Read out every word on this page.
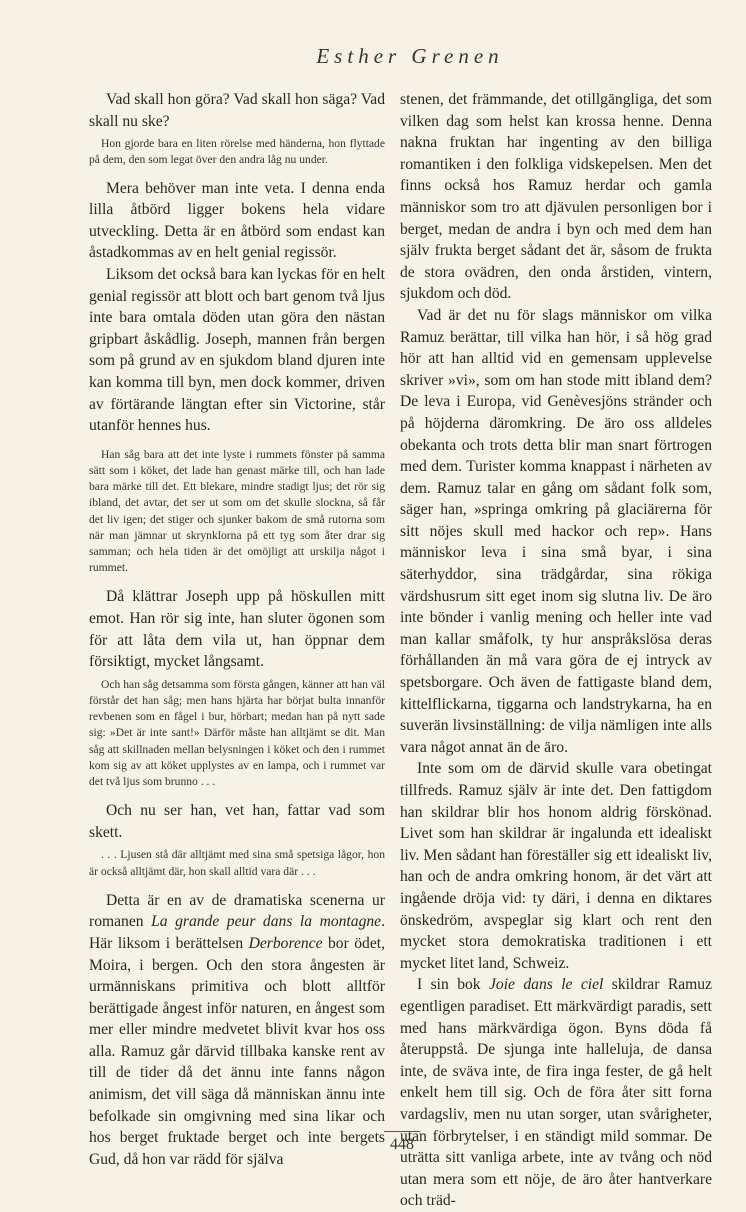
Esther Grenen

Vad skall hon göra? Vad skall hon säga? Vad skall nu ske?

Hon gjorde bara en liten rörelse med händerna, hon flyttade på dem, den som legat över den andra låg nu under.

Mera behöver man inte veta. I denna enda lilla åtbörd ligger bokens hela vidare utveckling. Detta är en åtbörd som endast kan åstadkommas av en helt genial regissör.

Liksom det också bara kan lyckas för en helt genial regissör att blott och bart genom två ljus inte bara omtala döden utan göra den nästan gripbart åskådlig. Joseph, mannen från bergen som på grund av en sjukdom bland djuren inte kan komma till byn, men dock kommer, driven av förtärande längtan efter sin Victorine, står utanför hennes hus.

Han såg bara att det inte lyste i rummets fönster på samma sätt som i köket, det lade han genast märke till, och han lade bara märke till det. Ett blekare, mindre stadigt ljus; det rör sig ibland, det avtar, det ser ut som om det skulle slockna, så får det liv igen; det stiger och sjunker bakom de små rutorna som när man jämnar ut skrynklorna på ett tyg som åter drar sig samman; och hela tiden är det omöjligt att urskilja något i rummet.

Då klättrar Joseph upp på höskullen mitt emot. Han rör sig inte, han sluter ögonen som för att låta dem vila ut, han öppnar dem försiktigt, mycket långsamt.

Och han såg detsamma som första gången, känner att han väl förstår det han såg; men hans hjärta har börjat bulta innanför revbenen som en fågel i bur, hörbart; medan han på nytt sade sig: »Det är inte sant!» Därför måste han alltjämt se dit. Man såg att skillnaden mellan belysningen i köket och den i rummet kom sig av att köket upplystes av en lampa, och i rummet var det två ljus som brunno . . .

Och nu ser han, vet han, fattar vad som skett.

. . . Ljusen stå där alltjämt med sina små spetsiga lågor, hon är också alltjämt där, hon skall alltid vara där . . .

Detta är en av de dramatiska scenerna ur romanen La grande peur dans la montagne. Här liksom i berättelsen Derborence bor ödet, Moira, i bergen. Och den stora ångesten är urmänniskans primitiva och blott alltför berättigade ångest inför naturen, en ångest som mer eller mindre medvetet blivit kvar hos oss alla. Ramuz går därvid tillbaka kanske rent av till de tider då det ännu inte fanns någon animism, det vill säga då människan ännu inte befolkade sin omgivning med sina likar och hos berget fruktade berget och inte bergets Gud, då hon var rädd för själva

stenen, det främmande, det otillgängliga, det som vilken dag som helst kan krossa henne. Denna nakna fruktan har ingenting av den billiga romantiken i den folkliga vidskepelsen. Men det finns också hos Ramuz herdar och gamla människor som tro att djävulen personligen bor i berget, medan de andra i byn och med dem han själv frukta berget sådant det är, såsom de frukta de stora ovädren, den onda årstiden, vintern, sjukdom och död.

Vad är det nu för slags människor om vilka Ramuz berättar, till vilka han hör, i så hög grad hör att han alltid vid en gemensam upplevelse skriver »vi», som om han stode mitt ibland dem? De leva i Europa, vid Genèvesjöns stränder och på höjderna däromkring. De äro oss alldeles obekanta och trots detta blir man snart förtrogen med dem. Turister komma knappast i närheten av dem. Ramuz talar en gång om sådant folk som, säger han, »springa omkring på glaciärerna för sitt nöjes skull med hackor och rep». Hans människor leva i sina små byar, i sina säterhyddor, sina trädgårdar, sina rökiga värdshusrum sitt eget inom sig slutna liv. De äro inte bönder i vanlig mening och heller inte vad man kallar småfolk, ty hur anspråkslösa deras förhållanden än må vara göra de ej intryck av spetsborgare. Och även de fattigaste bland dem, kittelflickarna, tiggarna och landstrykarna, ha en suverän livsinställning: de vilja nämligen inte alls vara något annat än de äro.

Inte som om de därvid skulle vara obetingat tillfreds. Ramuz själv är inte det. Den fattigdom han skildrar blir hos honom aldrig förskönad. Livet som han skildrar är ingalunda ett idealiskt liv. Men sådant han föreställer sig ett idealiskt liv, han och de andra omkring honom, är det värt att ingående dröja vid: ty däri, i denna en diktares önskedröm, avspeglar sig klart och rent den mycket stora demokratiska traditionen i ett mycket litet land, Schweiz.

I sin bok Joie dans le ciel skildrar Ramuz egentligen paradiset. Ett märkvärdigt paradis, sett med hans märkvärdiga ögon. Byns döda få återuppstå. De sjunga inte halleluja, de dansa inte, de sväva inte, de fira inga fester, de gå helt enkelt hem till sig. Och de föra åter sitt forna vardagsliv, men nu utan sorger, utan svårigheter, utan förbrytelser, i en ständigt mild sommar. De uträtta sitt vanliga arbete, inte av tvång och nöd utan mera som ett nöje, de äro åter hantverkare och träd-

448
